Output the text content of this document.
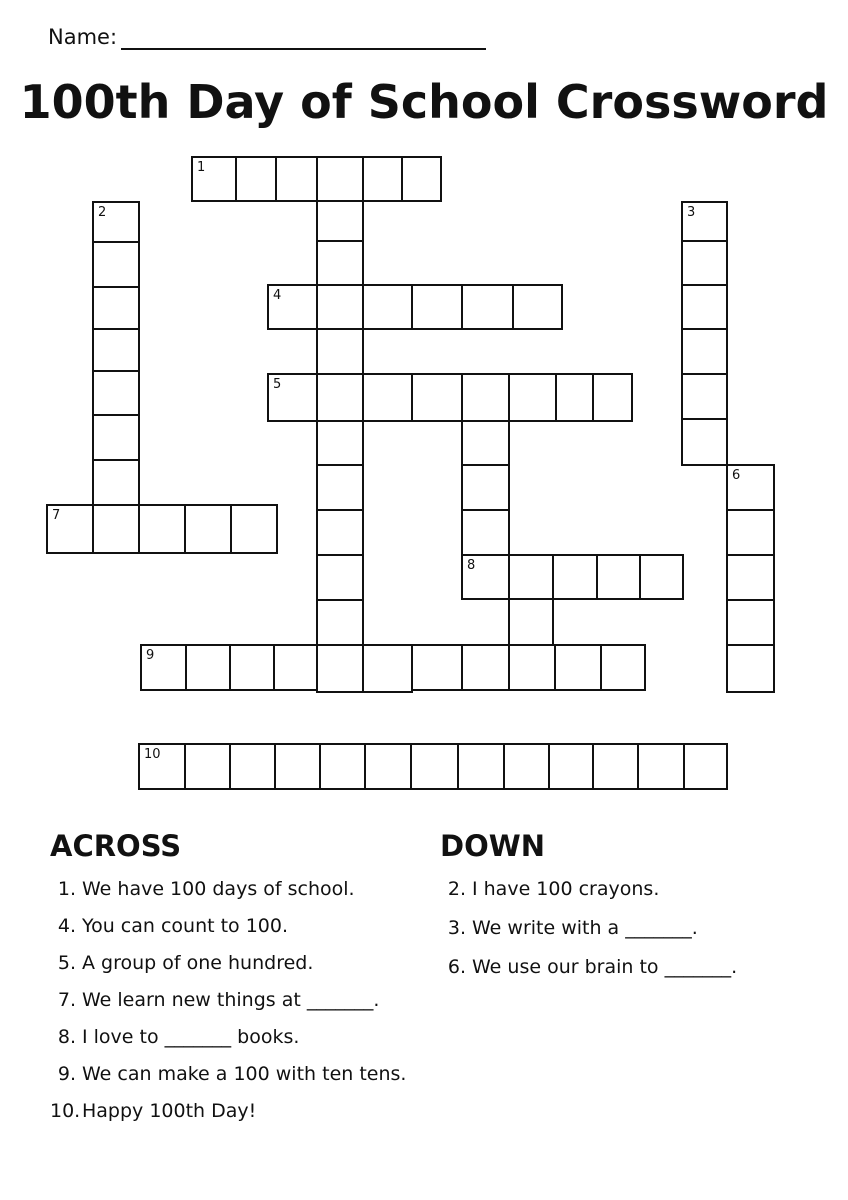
Name:
100th Day of School Crossword
1
2
7
3
4
5
8
6
9
10
ACROSS
1. We have 100 days of school.
4. You can count to 100.
5. A group of one hundred.
7. We learn new things at _______.
8. I love to _______ books.
9. We can make a 100 with ten tens.
10. Happy 100th Day!
DOWN
2. I have 100 crayons.
3. We write with a _______.
6. We use our brain to _______.
